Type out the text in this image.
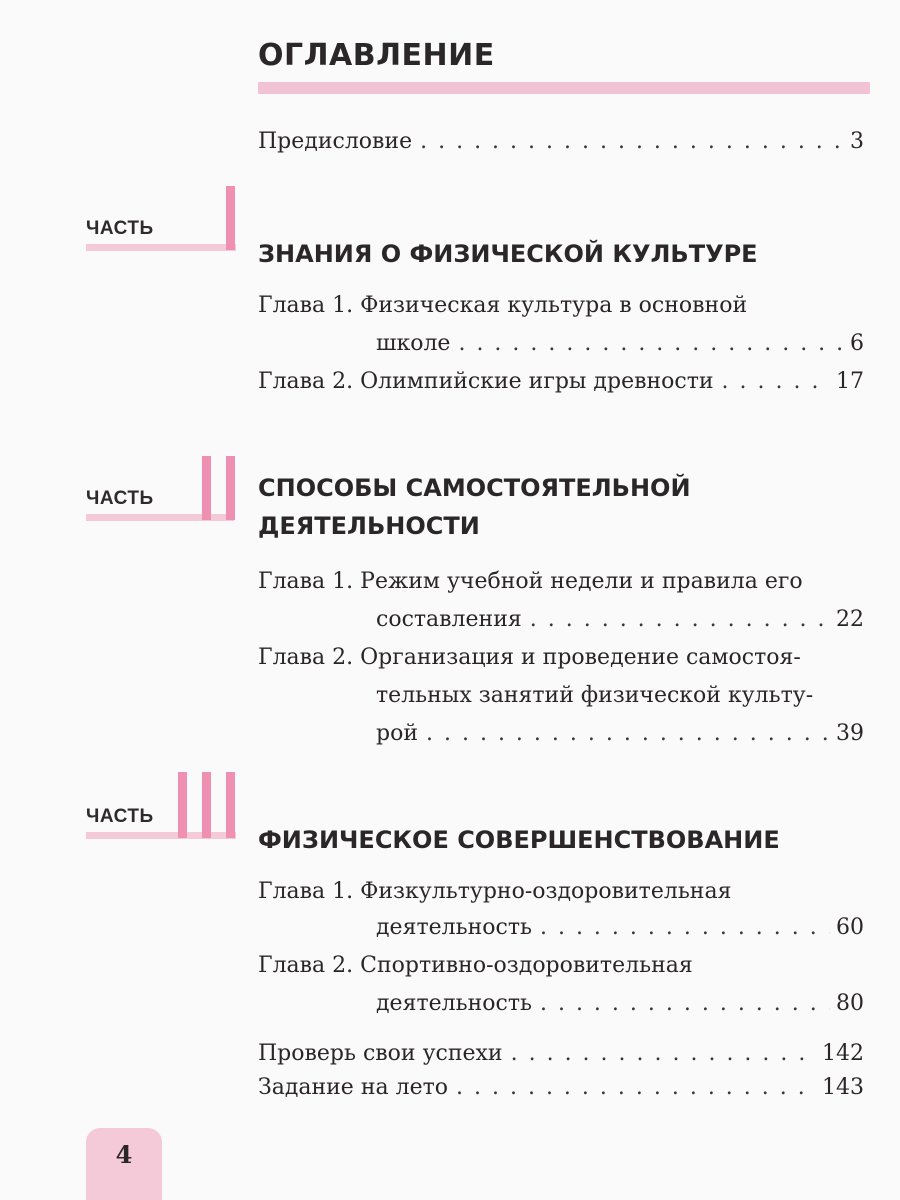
ОГЛАВЛЕНИЕ
Предисловие . . .	3
ЧАСТЬ
ЗНАНИЯ О ФИЗИЧЕСКОЙ КУЛЬТУРЕ
Глава 1. Физическая культура в основной
школе . . .	6
Глава 2. Олимпийские игры древности . . .	17
ЧАСТЬ	СПОСОБЫ САМОСТОЯТЕЛЬНОЙ
ДЕЯТЕЛЬНОСТИ
Глава 1. Режим учебной недели и правила его
составления . . .	22
Глава 2. Организация и проведение самостоя-
тельных занятий физической культу-
рой . . .	39
ЧАСТЬ
ФИЗИЧЕСКОЕ СОВЕРШЕНСТВОВАНИЕ
Глава 1. Физкультурно-оздоровительная
деятельность . . .	60
Глава 2. Спортивно-оздоровительная
деятельность . . .	80
Проверь свои успехи . . .	142
Задание на лето . . .	143
4
